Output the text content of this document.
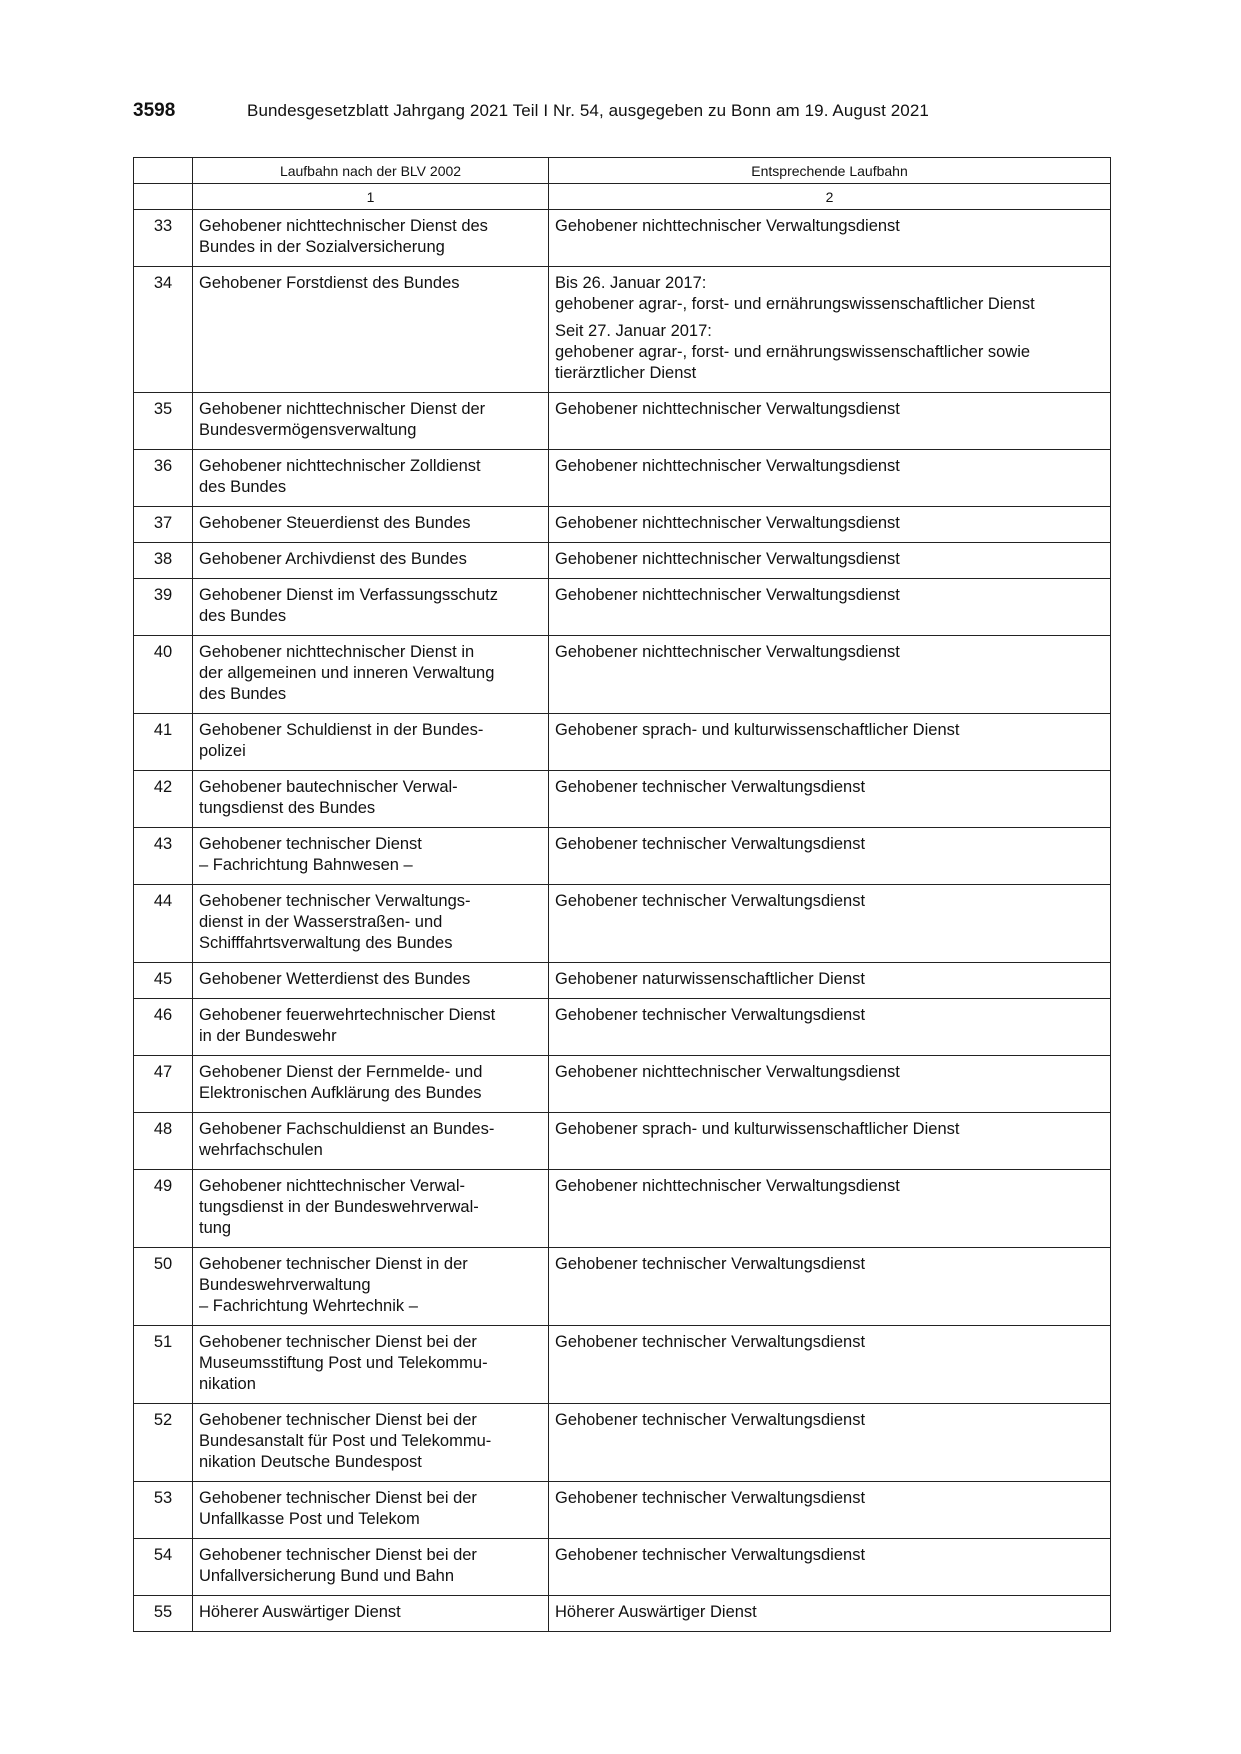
3598	Bundesgesetzblatt Jahrgang 2021 Teil I Nr. 54, ausgegeben zu Bonn am 19. August 2021
	Laufbahn nach der BLV 2002	Entsprechende Laufbahn
	1	2
33	Gehobener nichttechnischer Dienst des
Bundes in der Sozialversicherung	Gehobener nichttechnischer Verwaltungsdienst

34	Gehobener Forstdienst des Bundes	Bis 26. Januar 2017:
gehobener agrar-, forst- und ernährungswissenschaftlicher Dienst
Seit 27. Januar 2017:
gehobener agrar-, forst- und ernährungswissenschaftlicher sowie
tierärztlicher Dienst

35	Gehobener nichttechnischer Dienst der
Bundesvermögensverwaltung	Gehobener nichttechnischer Verwaltungsdienst

36	Gehobener nichttechnischer Zolldienst
des Bundes	Gehobener nichttechnischer Verwaltungsdienst

37	Gehobener Steuerdienst des Bundes	Gehobener nichttechnischer Verwaltungsdienst

38	Gehobener Archivdienst des Bundes	Gehobener nichttechnischer Verwaltungsdienst

39	Gehobener Dienst im Verfassungsschutz
des Bundes	Gehobener nichttechnischer Verwaltungsdienst

40	Gehobener nichttechnischer Dienst in
der allgemeinen und inneren Verwaltung
des Bundes	Gehobener nichttechnischer Verwaltungsdienst

41	Gehobener Schuldienst in der Bundes-
polizei	Gehobener sprach- und kulturwissenschaftlicher Dienst

42	Gehobener bautechnischer Verwal-
tungsdienst des Bundes	Gehobener technischer Verwaltungsdienst

43	Gehobener technischer Dienst
– Fachrichtung Bahnwesen –	Gehobener technischer Verwaltungsdienst

44	Gehobener technischer Verwaltungs-
dienst in der Wasserstraßen- und
Schifffahrtsverwaltung des Bundes	Gehobener technischer Verwaltungsdienst

45	Gehobener Wetterdienst des Bundes	Gehobener naturwissenschaftlicher Dienst

46	Gehobener feuerwehrtechnischer Dienst
in der Bundeswehr	Gehobener technischer Verwaltungsdienst

47	Gehobener Dienst der Fernmelde- und
Elektronischen Aufklärung des Bundes	Gehobener nichttechnischer Verwaltungsdienst

48	Gehobener Fachschuldienst an Bundes-
wehrfachschulen	Gehobener sprach- und kulturwissenschaftlicher Dienst

49	Gehobener nichttechnischer Verwal-
tungsdienst in der Bundeswehrverwal-
tung	Gehobener nichttechnischer Verwaltungsdienst

50	Gehobener technischer Dienst in der
Bundeswehrverwaltung
– Fachrichtung Wehrtechnik –	Gehobener technischer Verwaltungsdienst

51	Gehobener technischer Dienst bei der
Museumsstiftung Post und Telekommu-
nikation	Gehobener technischer Verwaltungsdienst

52	Gehobener technischer Dienst bei der
Bundesanstalt für Post und Telekommu-
nikation Deutsche Bundespost	Gehobener technischer Verwaltungsdienst

53	Gehobener technischer Dienst bei der
Unfallkasse Post und Telekom	Gehobener technischer Verwaltungsdienst

54	Gehobener technischer Dienst bei der
Unfallversicherung Bund und Bahn	Gehobener technischer Verwaltungsdienst

55	Höherer Auswärtiger Dienst	Höherer Auswärtiger Dienst
